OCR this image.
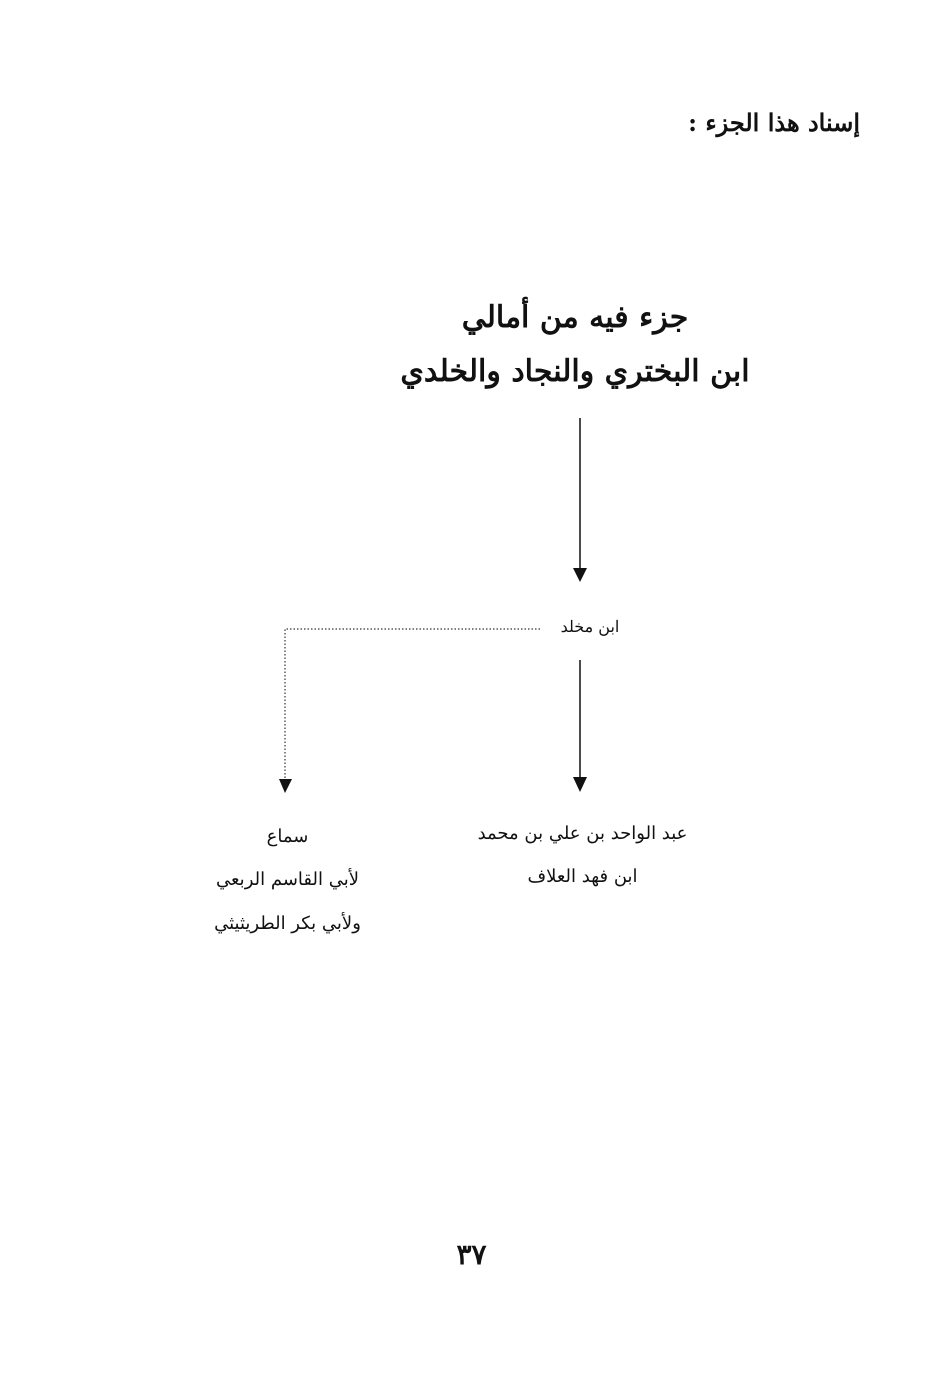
إسناد هذا الجزء :
جزء فيه من أمالي
ابن البختري والنجاد والخلدي
ابن مخلد
عبد الواحد بن علي بن محمد
ابن فهد العلاف
سماع
لأبي القاسم الربعي
ولأبي بكر الطريثيثي
٣٧
